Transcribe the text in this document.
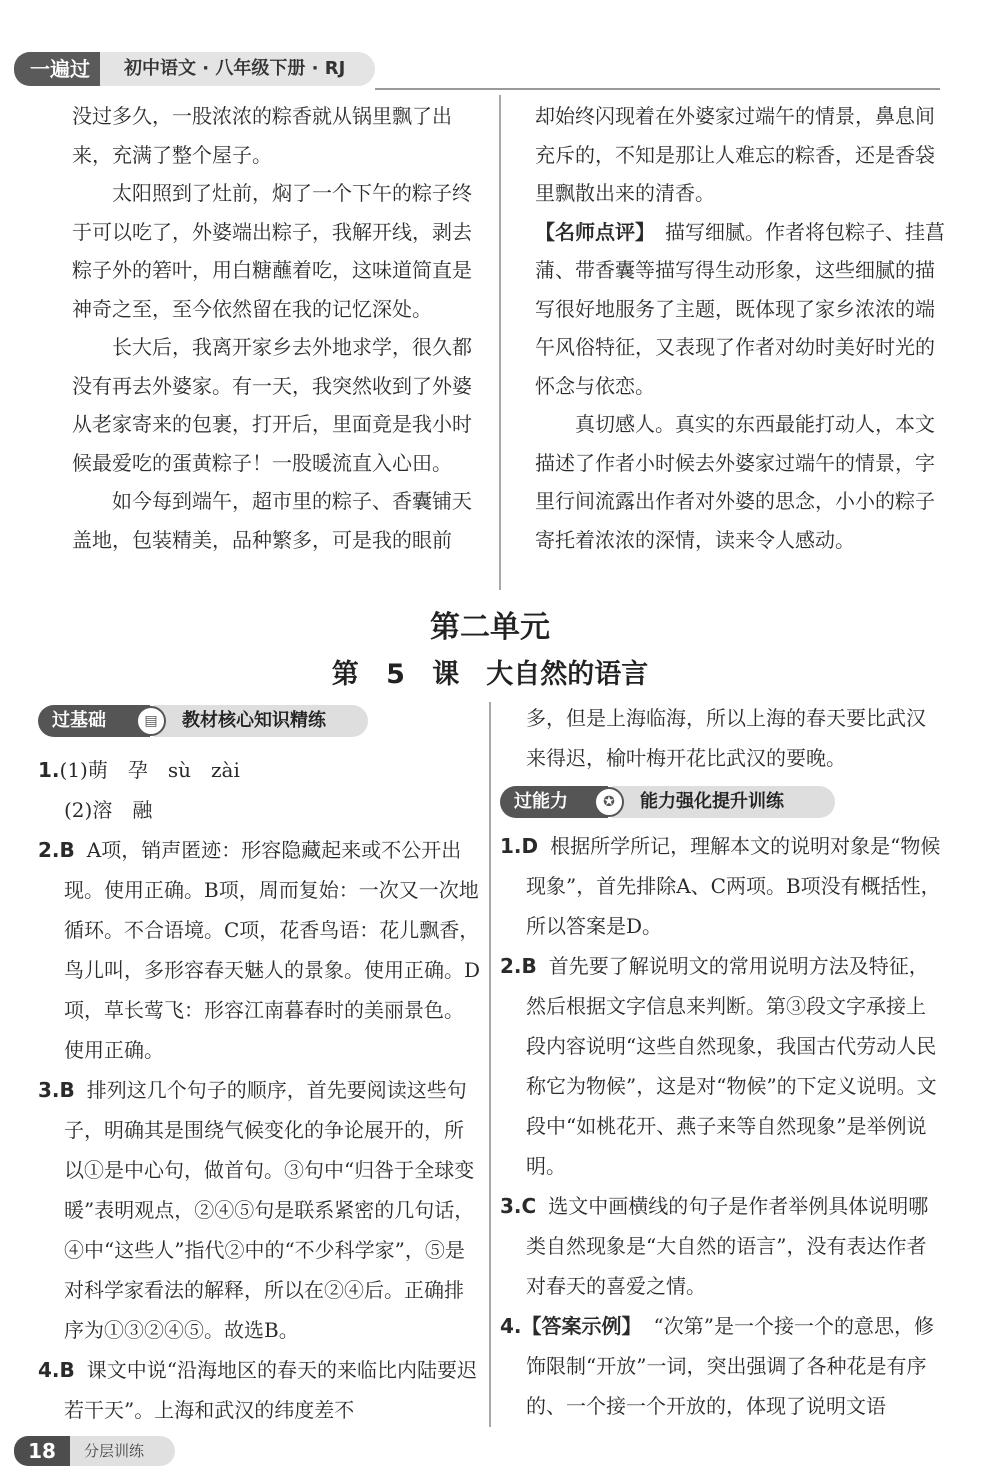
一遍过	初中语文 · 八年级下册 · RJ

没过多久，一股浓浓的粽香就从锅里飘了出来，充满了整个屋子。

太阳照到了灶前，焖了一个下午的粽子终于可以吃了，外婆端出粽子，我解开线，剥去粽子外的箬叶，用白糖蘸着吃，这味道简直是神奇之至，至今依然留在我的记忆深处。

长大后，我离开家乡去外地求学，很久都没有再去外婆家。有一天，我突然收到了外婆从老家寄来的包裹，打开后，里面竟是我小时候最爱吃的蛋黄粽子！一股暖流直入心田。

如今每到端午，超市里的粽子、香囊铺天盖地，包装精美，品种繁多，可是我的眼前

却始终闪现着在外婆家过端午的情景，鼻息间充斥的，不知是那让人难忘的粽香，还是香袋里飘散出来的清香。

【名师点评】 描写细腻。作者将包粽子、挂菖蒲、带香囊等描写得生动形象，这些细腻的描写很好地服务了主题，既体现了家乡浓浓的端午风俗特征，又表现了作者对幼时美好时光的怀念与依恋。

真切感人。真实的东西最能打动人，本文描述了作者小时候去外婆家过端午的情景，字里行间流露出作者对外婆的思念，小小的粽子寄托着浓浓的深情，读来令人感动。

第二单元
第 5 课　大自然的语言
过基础	教材核心知识精练
▤

1.(1)萌　孕　sù　zài

(2)溶　融

2.B A项，销声匿迹：形容隐藏起来或不公开出现。使用正确。B项，周而复始：一次又一次地循环。不合语境。C项，花香鸟语：花儿飘香，鸟儿叫，多形容春天魅人的景象。使用正确。D项，草长莺飞：形容江南暮春时的美丽景色。使用正确。

3.B 排列这几个句子的顺序，首先要阅读这些句子，明确其是围绕气候变化的争论展开的，所以①是中心句，做首句。③句中“归咎于全球变暖”表明观点，②④⑤句是联系紧密的几句话，④中“这些人”指代②中的“不少科学家”，⑤是对科学家看法的解释，所以在②④后。正确排序为①③②④⑤。故选B。

4.B 课文中说“沿海地区的春天的来临比内陆要迟若干天”。上海和武汉的纬度差不

多，但是上海临海，所以上海的春天要比武汉来得迟，榆叶梅开花比武汉的要晚。

1.D 根据所学所记，理解本文的说明对象是“物候现象”，首先排除A、C两项。B项没有概括性，所以答案是D。

2.B 首先要了解说明文的常用说明方法及特征，然后根据文字信息来判断。第③段文字承接上段内容说明“这些自然现象，我国古代劳动人民称它为物候”，这是对“物候”的下定义说明。文段中“如桃花开、燕子来等自然现象”是举例说明。

3.C 选文中画横线的句子是作者举例具体说明哪类自然现象是“大自然的语言”，没有表达作者对春天的喜爱之情。

4.【答案示例】 “次第”是一个接一个的意思，修饰限制“开放”一词，突出强调了各种花是有序的、一个接一个开放的，体现了说明文语

过能力	能力强化提升训练
✪
18	分层训练
